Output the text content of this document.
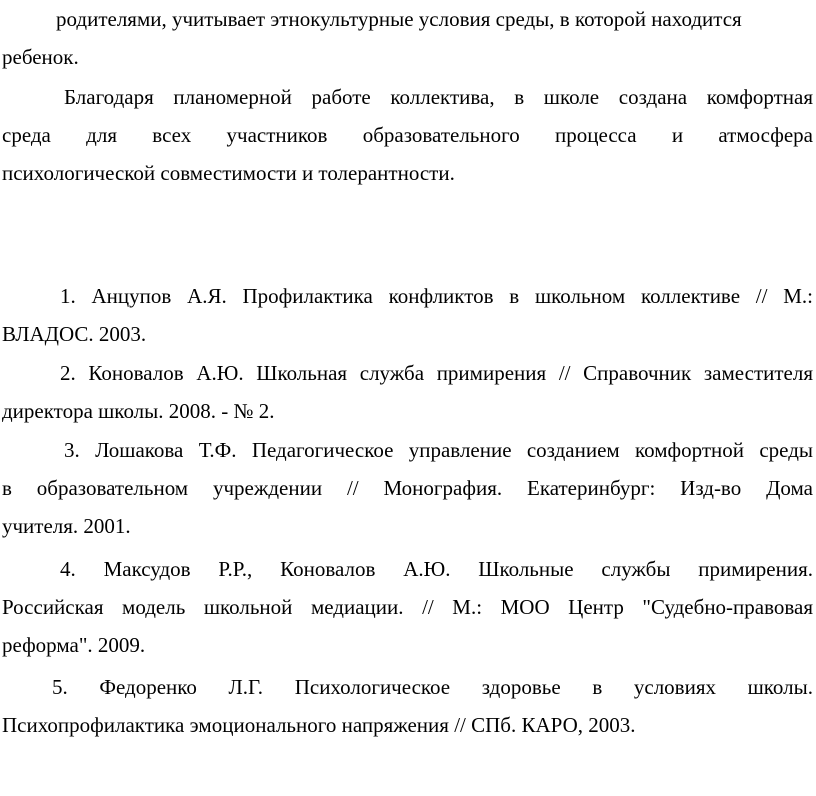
родителями, учитывает этнокультурные условия среды, в которой находится
ребенок.
Благодаря планомерной работе коллектива, в школе создана комфортная
среда для всех участников образовательного процесса и атмосфера
психологической совместимости и толерантности.
1. Анцупов А.Я. Профилактика конфликтов в школьном коллективе // М.:
ВЛАДОС. 2003.
2. Коновалов А.Ю. Школьная служба примирения // Справочник заместителя
директора школы. 2008. - № 2.
3. Лошакова Т.Ф. Педагогическое управление созданием комфортной среды
в образовательном учреждении // Монография. Екатеринбург: Изд-во Дома
учителя. 2001.
4. Максудов Р.Р., Коновалов А.Ю. Школьные службы примирения.
Российская модель школьной медиации. // М.: МОО Центр "Судебно-правовая
реформа". 2009.
5. Федоренко Л.Г. Психологическое здоровье в условиях школы.
Психопрофилактика эмоционального напряжения // СПб. КАРО, 2003.
